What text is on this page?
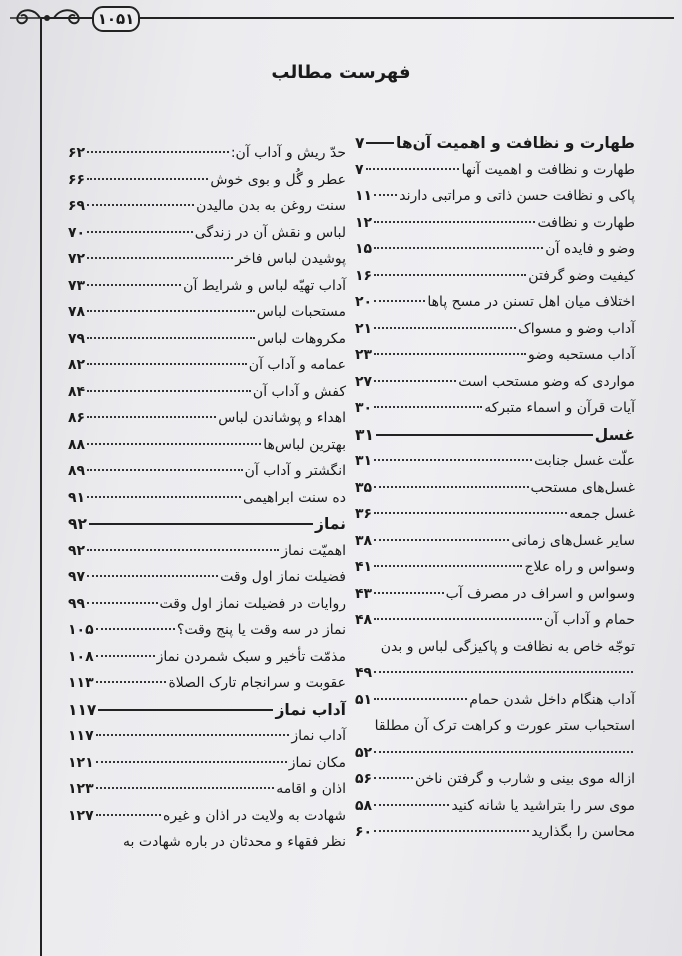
۱۰۵۱
فهرست مطالب
طهارت و نظافت و اهمیت آن‌ها
۷
طهارت و نظافت و اهمیت آنها
۷
پاکی و نظافت حسن ذاتی و مراتبی دارند
۱۱
طهارت و نظافت
۱۲
وضو و فایده آن
۱۵
کیفیت وضو گرفتن
۱۶
اختلاف میان اهل تسنن در مسح پاها
۲۰
آداب وضو و مسواک
۲۱
آداب مستحبه وضو
۲۳
مواردی که وضو مستحب است
۲۷
آیات قرآن و اسماء متبرکه
۳۰
غسل
۳۱
علّت غسل جنابت
۳۱
غسل‌های مستحب
۳۵
غسل جمعه
۳۶
سایر غسل‌های زمانی
۳۸
وسواس و راه علاج
۴۱
وسواس و اسراف در مصرف آب
۴۳
حمام و آداب آن
۴۸
توجّه خاص به نظافت و پاکیزگی لباس و بدن
۴۹
آداب هنگام داخل شدن حمام
۵۱
استحباب ستر عورت و کراهت ترک آن مطلقا
۵۲
ازاله موی بینی و شارب و گرفتن ناخن
۵۶
موی سر را بتراشید یا شانه کنید
۵۸
محاسن را بگذارید
۶۰
حدّ ریش و آداب آن:
۶۲
عطر و گُل و بوی خوش
۶۶
سنت روغن به بدن مالیدن
۶۹
لباس و نقش آن در زندگی
۷۰
پوشیدن لباس فاخر
۷۲
آداب تهیّه لباس و شرایط آن
۷۳
مستحبات لباس
۷۸
مکروهات لباس
۷۹
عمامه و آداب آن
۸۲
کفش و آداب آن
۸۴
اهداء و پوشاندن لباس
۸۶
بهترین لباس‌ها
۸۸
انگشتر و آداب آن
۸۹
ده سنت ابراهیمی
۹۱
نماز
۹۲
اهمیّت نماز
۹۲
فضیلت نماز اول وقت
۹۷
روایات در فضیلت نماز اول وقت
۹۹
نماز در سه وقت یا پنج وقت؟
۱۰۵
مذمّت تأخیر و سبک شمردن نماز
۱۰۸
عقوبت و سرانجام تارک الصلاة
۱۱۳
آداب نماز
۱۱۷
آداب نماز
۱۱۷
مکان نماز
۱۲۱
اذان و اقامه
۱۲۳
شهادت به ولایت در اذان و غیره
۱۲۷
نظر فقهاء و محدثان در باره شهادت به
